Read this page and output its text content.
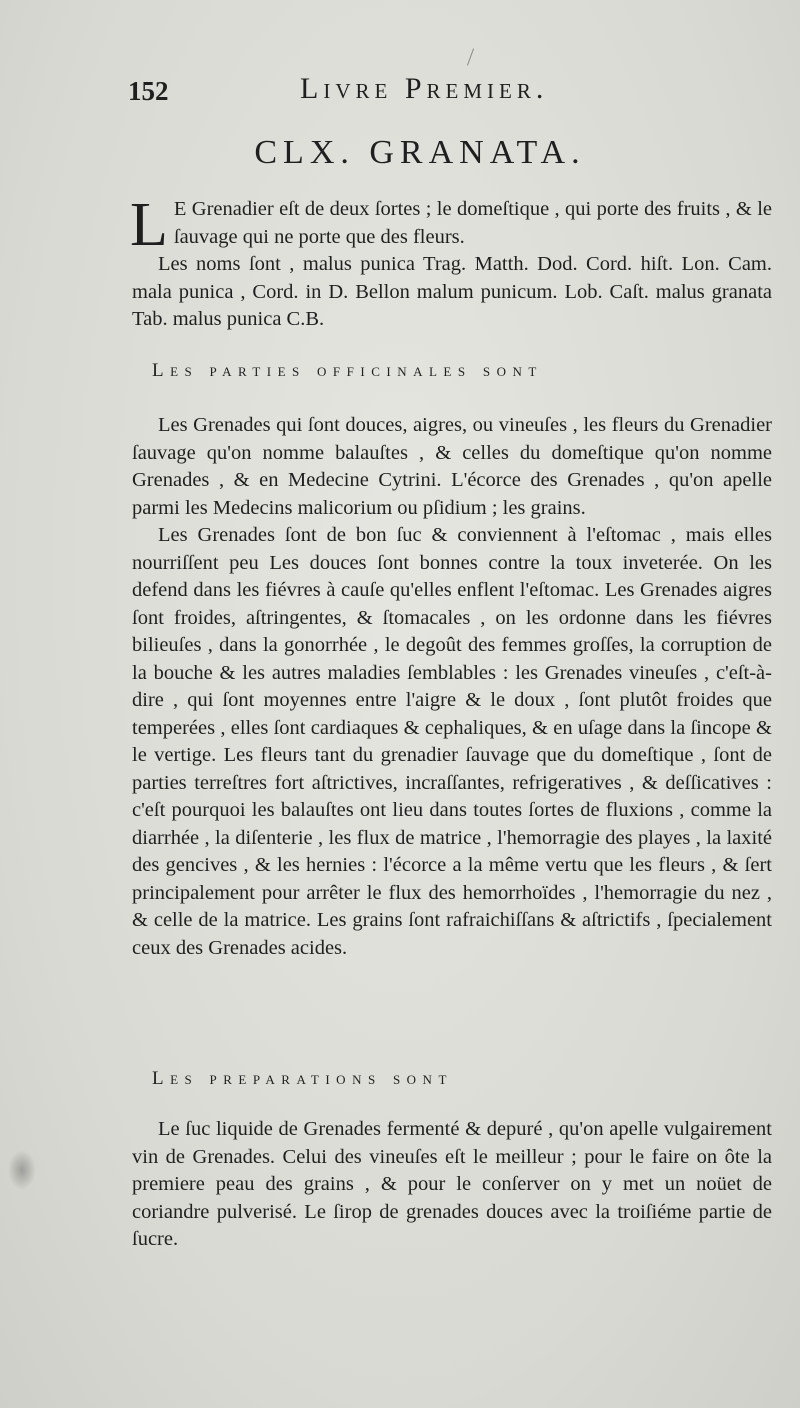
152	Livre Premier.
CLX. GRANATA.

L E Grenadier eſt de deux ſortes ; le domeſtique , qui porte des fruits , & le ſauvage qui ne porte que des fleurs.

Les noms ſont , malus punica Trag. Matth. Dod. Cord. hiſt. Lon. Cam. mala punica , Cord. in D. Bellon malum punicum. Lob. Caſt. malus granata Tab. malus punica C.B.

Les parties officinales sont

Les Grenades qui ſont douces, aigres, ou vineuſes , les fleurs du Grenadier ſauvage qu'on nomme balauſtes , & celles du domeſtique qu'on nomme Grenades , & en Medecine Cytrini. L'écorce des Grenades , qu'on apelle parmi les Medecins malicorium ou pſidium ; les grains.

Les Grenades ſont de bon ſuc & conviennent à l'eſtomac , mais elles nourriſſent peu Les douces ſont bonnes contre la toux inveterée. On les defend dans les fiévres à cauſe qu'elles enflent l'eſtomac. Les Grenades aigres ſont froides, aſtringentes, & ſtomacales , on les ordonne dans les fiévres bilieuſes , dans la gonorrhée , le degoût des femmes groſſes, la corruption de la bouche & les autres maladies ſemblables : les Grenades vineuſes , c'eſt-à-dire , qui ſont moyennes entre l'aigre & le doux , ſont plutôt froides que temperées , elles ſont cardiaques & cephaliques, & en uſage dans la ſincope & le vertige. Les fleurs tant du grenadier ſauvage que du domeſtique , ſont de parties terreſtres fort aſtrictives, incraſſantes, refrigeratives , & deſſicatives : c'eſt pourquoi les balauſtes ont lieu dans toutes ſortes de fluxions , comme la diarrhée , la diſenterie , les flux de matrice , l'hemorragie des playes , la laxité des gencives , & les hernies : l'écorce a la même vertu que les fleurs , & ſert principalement pour arrêter le flux des hemorrhoïdes , l'hemorragie du nez , & celle de la matrice. Les grains ſont rafraichiſſans & aſtrictifs , ſpecialement ceux des Grenades acides.

Les preparations sont

Le ſuc liquide de Grenades fermenté & depuré , qu'on apelle vulgairement vin de Grenades. Celui des vineuſes eſt le meilleur ; pour le faire on ôte la premiere peau des grains , & pour le conſerver on y met un noüet de coriandre pulverisé. Le ſirop de grenades douces avec la troiſiéme partie de ſucre.
